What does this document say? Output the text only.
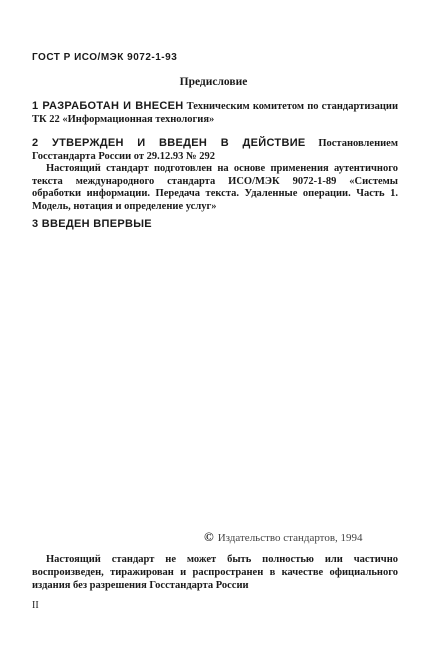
ГОСТ Р ИСО/МЭК 9072-1-93
Предисловие
1 РАЗРАБОТАН И ВНЕСЕН Техническим комитетом по стандартизации ТК 22 «Информационная технология»
2 УТВЕРЖДЕН И ВВЕДЕН В ДЕЙСТВИЕ Постановлением Госстандарта России от 29.12.93 № 292
Настоящий стандарт подготовлен на основе применения аутентичного текста международного стандарта ИСО/МЭК 9072-1-89 «Системы обработки информации. Передача текста. Удаленные операции. Часть 1. Модель, нотация и определение услуг»
3 ВВЕДЕН ВПЕРВЫЕ
© Издательство стандартов, 1994
Настоящий стандарт не может быть полностью или частично воспроизведен, тиражирован и распространен в качестве официального издания без разрешения Госстандарта России
II
